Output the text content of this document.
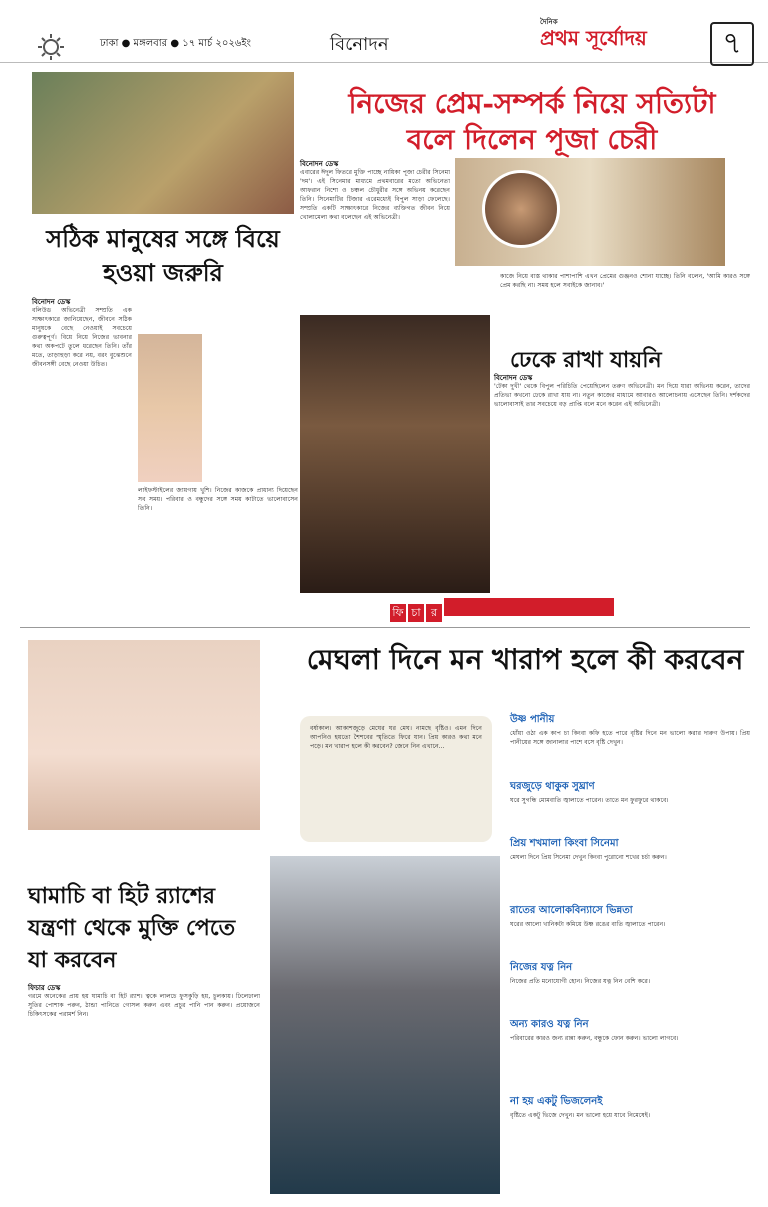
ঢাকা ● মঙ্গলবার ● ১৭ মার্চ ২০২৬ইং	বিনোদন
দৈনিক
প্রথম সূর্যোদয়	৭
সঠিক মানুষের সঙ্গে বিয়ে হওয়া জরুরি
বিনোদন ডেস্ক
বলিউড অভিনেত্রী সম্প্রতি এক সাক্ষাৎকারে জানিয়েছেন, জীবনে সঠিক মানুষকে বেছে নেওয়াই সবচেয়ে গুরুত্বপূর্ণ। বিয়ে নিয়ে নিজের ভাবনার কথা অকপটে তুলে ধরেছেন তিনি। তাঁর মতে, তাড়াহুড়া করে নয়, বরং বুঝেশুনে জীবনসঙ্গী বেছে নেওয়া উচিত।
লাইফস্টাইলের জায়গায় খুশি। নিজের কাজকে প্রাধান্য দিয়েছেন সব সময়। পরিবার ও বন্ধুদের সঙ্গে সময় কাটাতে ভালোবাসেন তিনি।
নিজের প্রেম-সম্পর্ক নিয়ে সত্যিটা বলে দিলেন পূজা চেরী
বিনোদন ডেস্ক
এবারের ঈদুল ফিতরে মুক্তি পাচ্ছে নায়িকা পূজা চেরীর সিনেমা 'দম'। এই সিনেমার মাধ্যমে প্রথমবারের মতো অভিনেতা আফরান নিশো ও চঞ্চল চৌধুরীর সঙ্গে অভিনয় করেছেন তিনি। সিনেমাটির টিজার এরেমধ্যেই বিপুল সাড়া ফেলেছে। সম্প্রতি একটি সাক্ষাৎকারে নিজের ব্যক্তিগত জীবন নিয়ে খোলামেলা কথা বলেছেন এই অভিনেত্রী।
কাজে নিয়ে ব্যস্ত থাকার পাশাপাশি এখন প্রেমের গুঞ্জনও শোনা যাচ্ছে। তিনি বলেন, 'আমি কারও সঙ্গে প্রেম করছি না। সময় হলে সবাইকে জানাব।'
ঢেকে রাখা যায়নি
বিনোদন ডেস্ক
'টেকা দুখী' থেকে বিপুল পরিচিতি পেয়েছিলেন তরুণ অভিনেত্রী। মন দিয়ে যারা অভিনয় করেন, তাদের প্রতিভা কখনো ঢেকে রাখা যায় না। নতুন কাজের মাধ্যমে আবারও আলোচনায় এসেছেন তিনি। দর্শকদের ভালোবাসাই তার সবচেয়ে বড় প্রাপ্তি বলে মনে করেন এই অভিনেত্রী।
ফি চা র
ঘামাচি বা হিট র‍্যাশের যন্ত্রণা থেকে মুক্তি পেতে যা করবেন
ফিচার ডেস্ক
গরমে অনেকের প্রায় হয় ঘামাচি বা হিট র‍্যাশ। ত্বকে লালচে ফুসকুড়ি হয়, চুলকায়। ঢিলেঢালা সুতির পোশাক পরুন, ঠান্ডা পানিতে গোসল করুন এবং প্রচুর পানি পান করুন। প্রয়োজনে চিকিৎসকের পরামর্শ নিন।
মেঘলা দিনে মন খারাপ হলে কী করবেন
বর্ষাকাল। আকাশজুড়ে মেঘের ঘর মেঘ। নামছে বৃষ্টিও। এমন দিনে আপনিও হয়তো শৈশবের স্মৃতিতে ফিরে যান। প্রিয় কারও কথা মনে পড়ে। মন খারাপ হলে কী করবেন? জেনে নিন এখানে...
উষ্ণ পানীয়
ধোঁয়া ওঠা এক কাপ চা কিংবা কফি হতে পারে বৃষ্টির দিনে মন ভালো করার দারুণ উপায়। প্রিয় পানীয়ের সঙ্গে জানালার পাশে বসে বৃষ্টি দেখুন।
ঘরজুড়ে থাকুক সুঘ্রাণ
ঘরে সুগন্ধি মোমবাতি জ্বালাতে পারেন। তাতে মন ফুরফুরে থাকবে।
প্রিয় শখমালা কিংবা সিনেমা
মেঘলা দিনে প্রিয় সিনেমা দেখুন কিংবা পুরোনো শখের চর্চা করুন।
রাতের আলোকবিন্যাসে ভিন্নতা
ঘরের আলো খানিকটা কমিয়ে উষ্ণ রঙের বাতি জ্বালাতে পারেন।
নিজের যত্ন নিন
নিজের প্রতি মনোযোগী হোন। নিজের যত্ন নিন বেশি করে।
অন্য কারও যত্ন নিন
পরিবারের কারও জন্য রান্না করুন, বন্ধুকে ফোন করুন। ভালো লাগবে।
না হয় একটু ভিজলেনই
বৃষ্টিতে একটু ভিজে দেখুন। মন ভালো হয়ে যাবে নিমেষেই।
